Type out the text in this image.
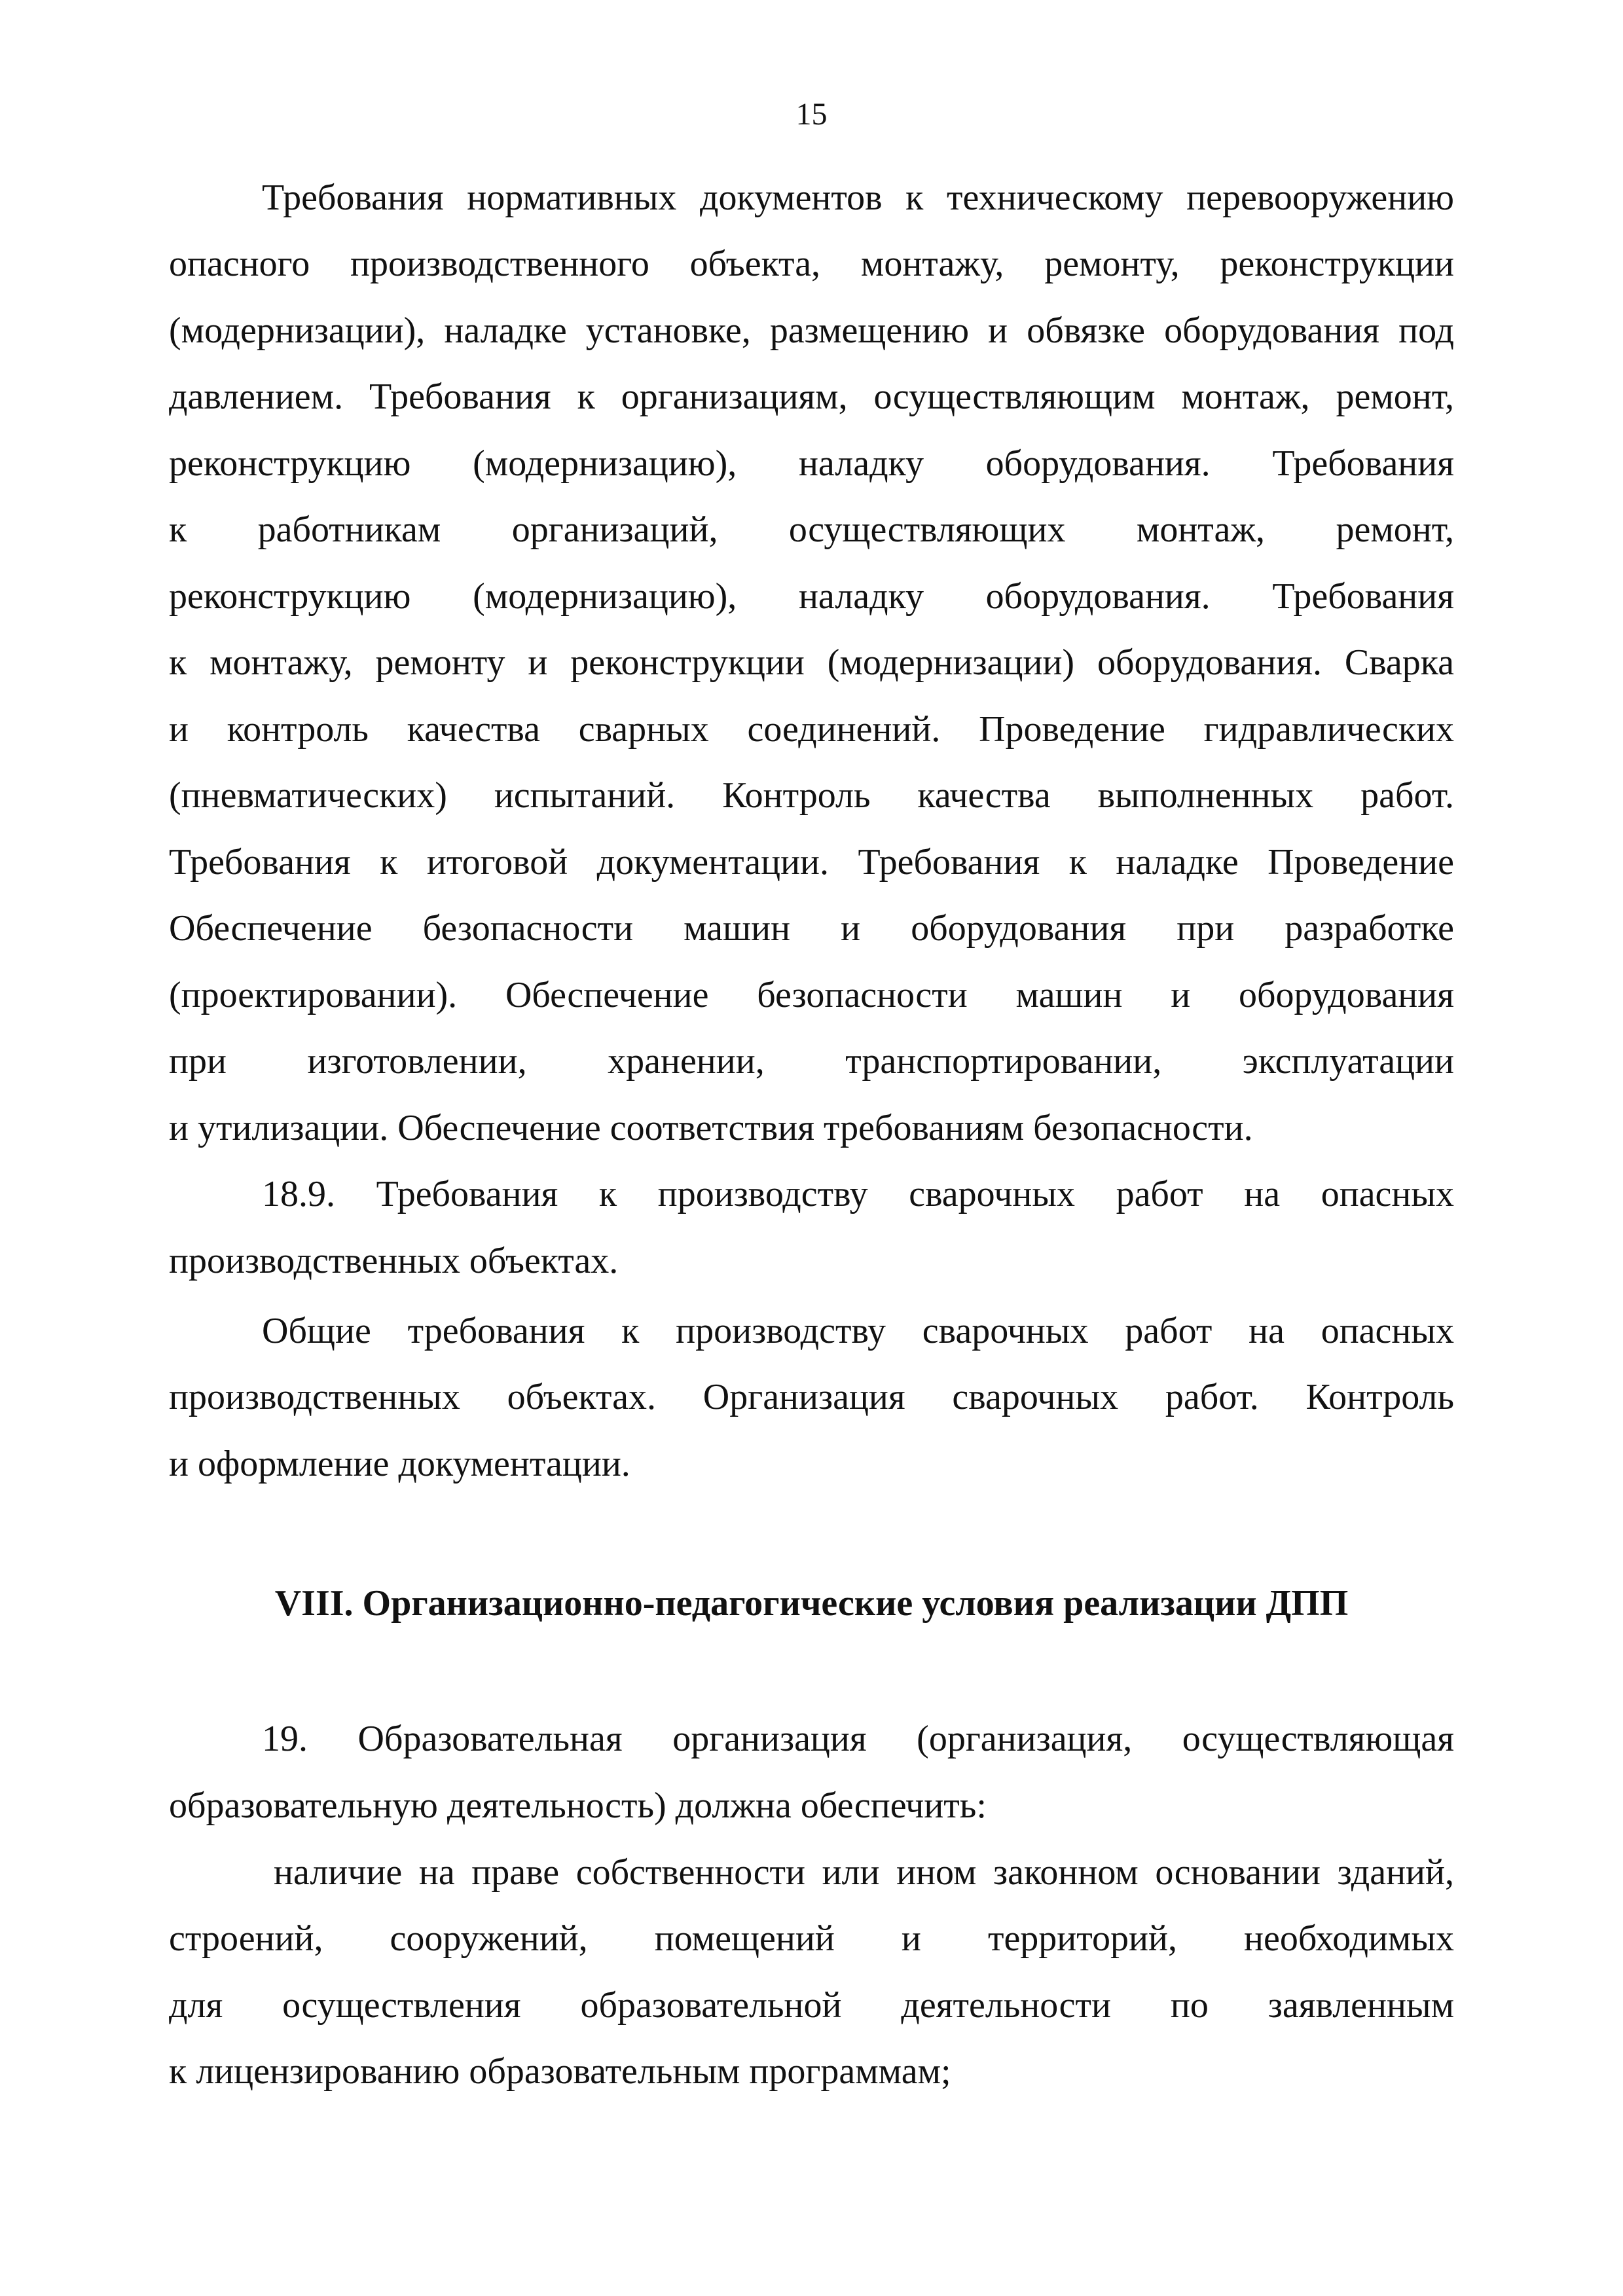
15
Требования нормативных документов к техническому перевооружению
опасного производственного объекта, монтажу, ремонту, реконструкции
(модернизации), наладке установке, размещению и обвязке оборудования под
давлением. Требования к организациям, осуществляющим монтаж, ремонт,
реконструкцию (модернизацию), наладку оборудования. Требования
к работникам организаций, осуществляющих монтаж, ремонт,
реконструкцию (модернизацию), наладку оборудования. Требования
к монтажу, ремонту и реконструкции (модернизации) оборудования. Сварка
и контроль качества сварных соединений. Проведение гидравлических
(пневматических) испытаний. Контроль качества выполненных работ.
Требования к итоговой документации. Требования к наладке Проведение
Обеспечение безопасности машин и оборудования при разработке
(проектировании). Обеспечение безопасности машин и оборудования
при изготовлении, хранении, транспортировании, эксплуатации
и утилизации. Обеспечение соответствия требованиям безопасности.
18.9. Требования к производству сварочных работ на опасных
производственных объектах.
Общие требования к производству сварочных работ на опасных
производственных объектах. Организация сварочных работ. Контроль
и оформление документации.
VIII. Организационно-педагогические условия реализации ДПП
19. Образовательная организация (организация, осуществляющая
образовательную деятельность) должна обеспечить:
наличие на праве собственности или ином законном основании зданий,
строений, сооружений, помещений и территорий, необходимых
для осуществления образовательной деятельности по заявленным
к лицензированию образовательным программам;
